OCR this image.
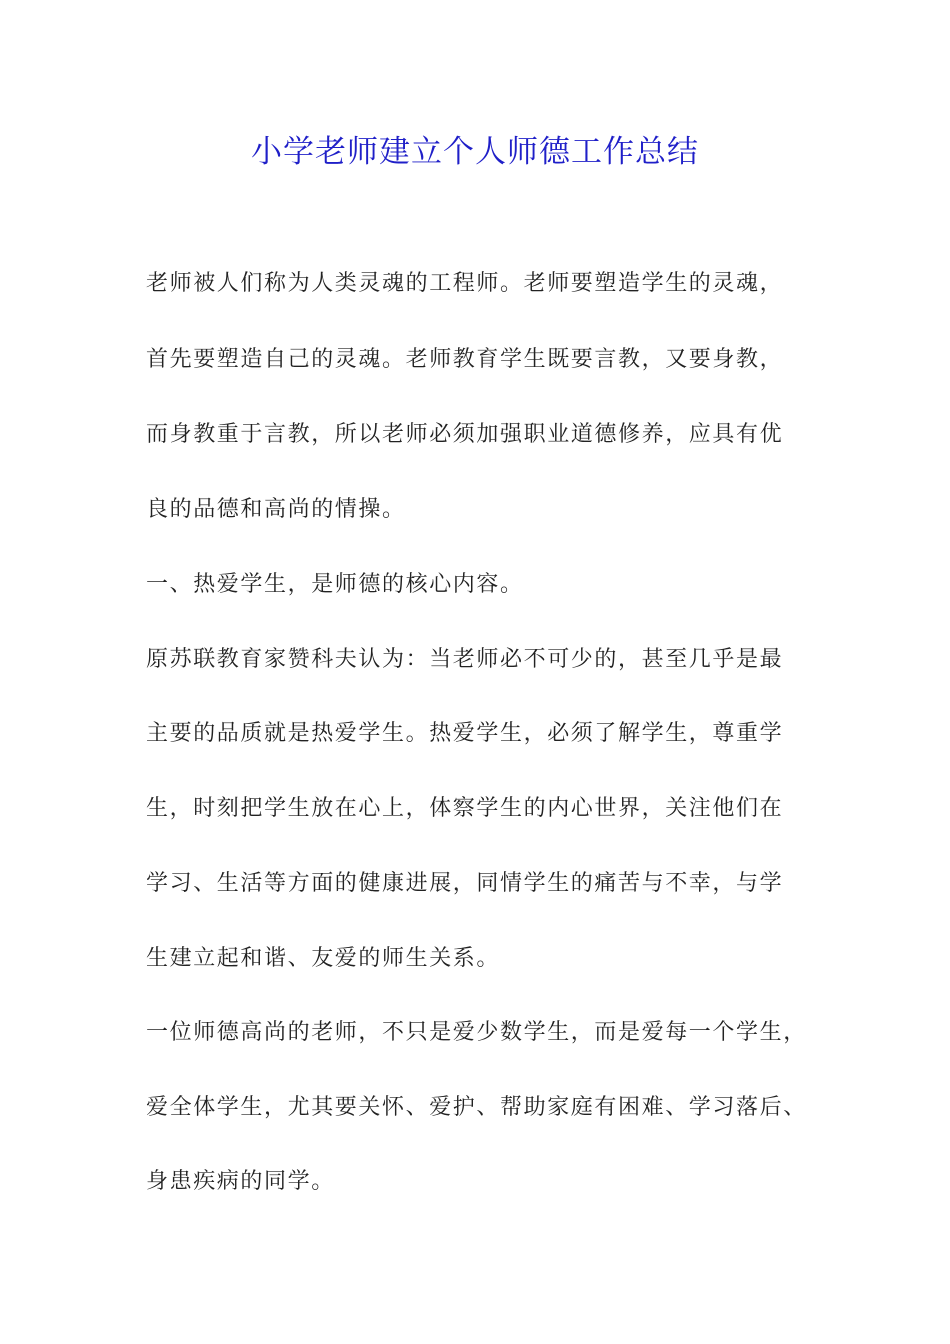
小学老师建立个人师德工作总结
老师被人们称为人类灵魂的工程师。老师要塑造学生的灵魂，
首先要塑造自己的灵魂。老师教育学生既要言教，又要身教，
而身教重于言教，所以老师必须加强职业道德修养，应具有优
良的品德和高尚的情操。
一、热爱学生，是师德的核心内容。
原苏联教育家赞科夫认为：当老师必不可少的，甚至几乎是最
主要的品质就是热爱学生。热爱学生，必须了解学生，尊重学
生，时刻把学生放在心上，体察学生的内心世界，关注他们在
学习、生活等方面的健康进展，同情学生的痛苦与不幸，与学
生建立起和谐、友爱的师生关系。
一位师德高尚的老师，不只是爱少数学生，而是爱每一个学生，
爱全体学生，尤其要关怀、爱护、帮助家庭有困难、学习落后、
身患疾病的同学。
